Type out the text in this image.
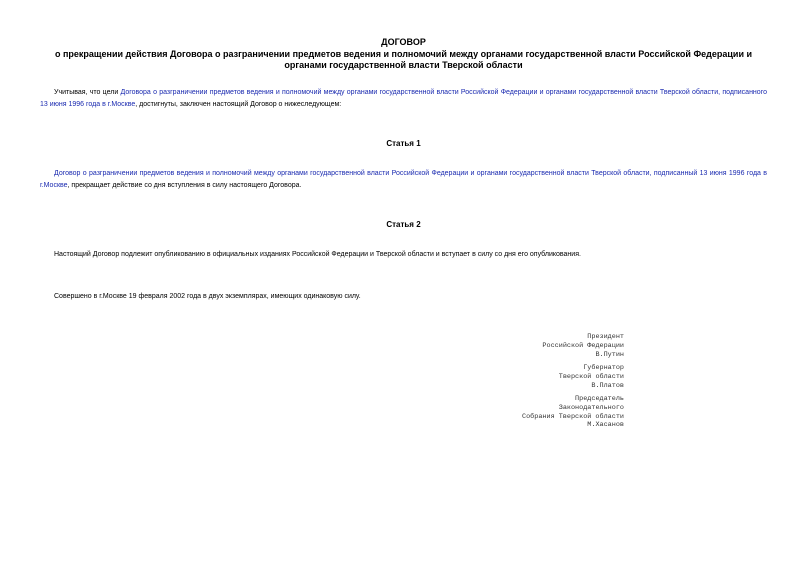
ДОГОВОР
о прекращении действия Договора о разграничении предметов ведения и полномочий между органами государственной власти Российской Федерации и
органами государственной власти Тверской области
Учитывая, что цели Договора о разграничении предметов ведения и полномочий между органами государственной власти Российской Федерации и органами государственной власти Тверской области, подписанного 13 июня 1996 года в г.Москве, достигнуты, заключен настоящий Договор о нижеследующем:
Статья 1
Договор о разграничении предметов ведения и полномочий между органами государственной власти Российской Федерации и органами государственной власти Тверской области, подписанный 13 июня 1996 года в г.Москве, прекращает действие со дня вступления в силу настоящего Договора.
Статья 2
Настоящий Договор подлежит опубликованию в официальных изданиях Российской Федерации и Тверской области и вступает в силу со дня его опубликования.
Совершено в г.Москве 19 февраля 2002 года в двух экземплярах, имеющих одинаковую силу.
Президент
Российской Федерации
В.Путин
Губернатор
Тверской области
В.Платов
Председатель
Законодательного
Собрания Тверской области
М.Хасанов
